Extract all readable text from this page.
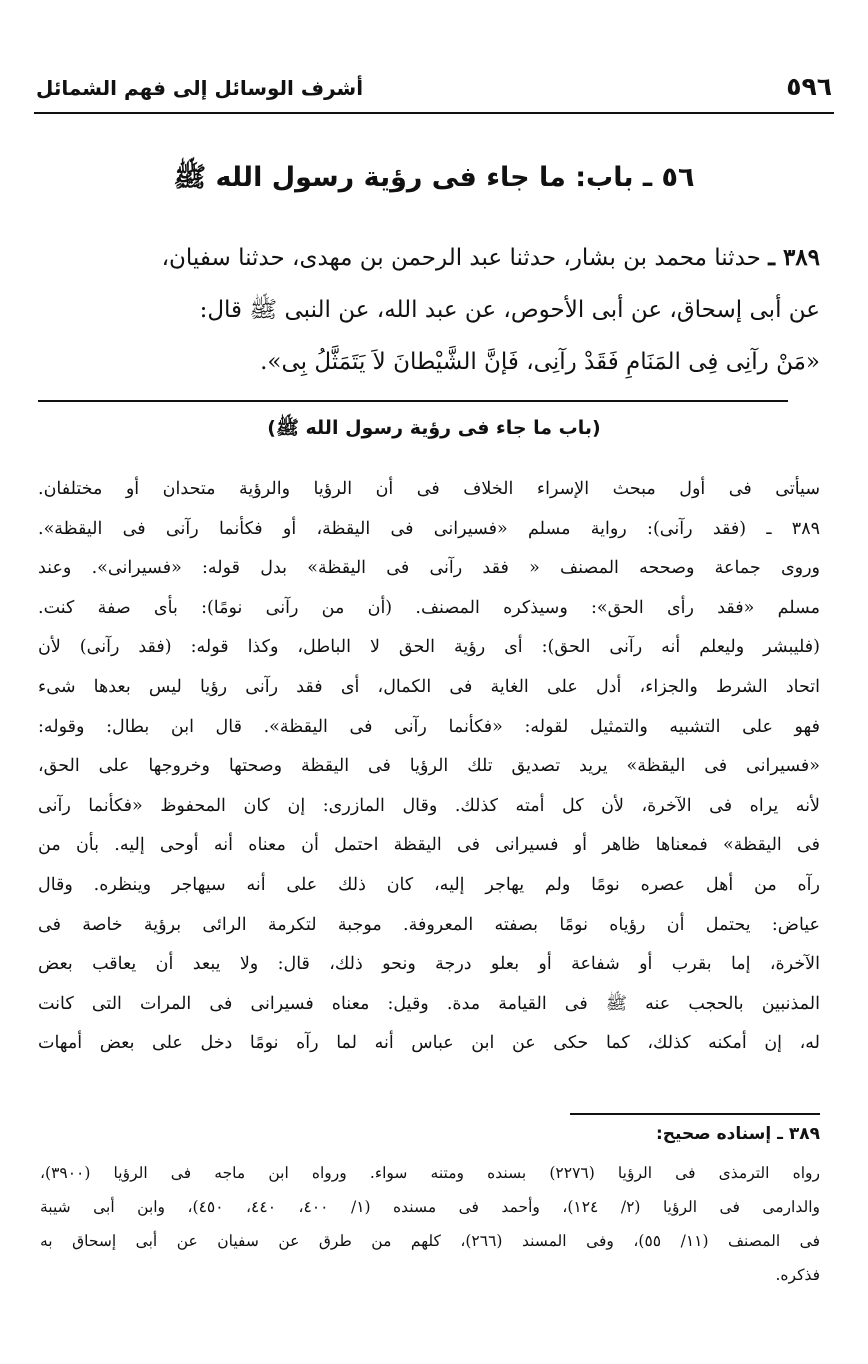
أشرف الوسائل إلى فهم الشمائل	٥٩٦
٥٦ ـ باب: ما جاء فى رؤية رسول الله ﷺ
٣٨٩ ـ حدثنا محمد بن بشار، حدثنا عبد الرحمن بن مهدى، حدثنا سفيان،
عن أبى إسحاق، عن أبى الأحوص، عن عبد الله، عن النبى ﷺ قال:
«مَنْ رآنِى فِى المَنَامِ فَقَدْ رآنِى، فَإنَّ الشَّيْطانَ لاَ يَتَمَثَّلُ بِى».
(باب ما جاء فى رؤية رسول الله ﷺ)
سيأتى فى أول مبحث الإسراء الخلاف فى أن الرؤيا والرؤية متحدان أو مختلفان.
٣٨٩ ـ (فقد رآنى): رواية مسلم «فسيرانى فى اليقظة، أو فكأنما رآنى فى اليقظة».
وروى جماعة وصححه المصنف « فقد رآنى فى اليقظة» بدل قوله: «فسيرانى». وعند
مسلم «فقد رأى الحق»: وسيذكره المصنف. (أن من رآنى نومًا): بأى صفة كنت.
(فليبشر وليعلم أنه رآنى الحق): أى رؤية الحق لا الباطل، وكذا قوله: (فقد رآنى) لأن
اتحاد الشرط والجزاء، أدل على الغاية فى الكمال، أى فقد رآنى رؤيا ليس بعدها شىء
فهو على التشبيه والتمثيل لقوله: «فكأنما رآنى فى اليقظة». قال ابن بطال: وقوله:
«فسيرانى فى اليقظة» يريد تصديق تلك الرؤيا فى اليقظة وصحتها وخروجها على الحق،
لأنه يراه فى الآخرة، لأن كل أمته كذلك. وقال المازرى: إن كان المحفوظ «فكأنما رآنى
فى اليقظة» فمعناها ظاهر أو فسيرانى فى اليقظة احتمل أن معناه أنه أوحى إليه. بأن من
رآه من أهل عصره نومًا ولم يهاجر إليه، كان ذلك على أنه سيهاجر وينظره. وقال
عياض: يحتمل أن رؤياه نومًا بصفته المعروفة. موجبة لتكرمة الرائى برؤية خاصة فى
الآخرة، إما بقرب أو شفاعة أو بعلو درجة ونحو ذلك، قال: ولا يبعد أن يعاقب بعض
المذنبين بالحجب عنه ﷺ فى القيامة مدة. وقيل: معناه فسيرانى فى المرات التى كانت
له، إن أمكنه كذلك، كما حكى عن ابن عباس أنه لما رآه نومًا دخل على بعض أمهات
٣٨٩ ـ إسناده صحيح:
رواه الترمذى فى الرؤيا (٢٢٧٦) بسنده ومتنه سواء. ورواه ابن ماجه فى الرؤيا (٣٩٠٠)،
والدارمى فى الرؤيا (٢/ ١٢٤)، وأحمد فى مسنده (١/ ٤٠٠، ٤٤٠، ٤٥٠)، وابن أبى شيبة
فى المصنف (١١/ ٥٥)، وفى المسند (٢٦٦)، كلهم من طرق عن سفيان عن أبى إسحاق به
فذكره.
